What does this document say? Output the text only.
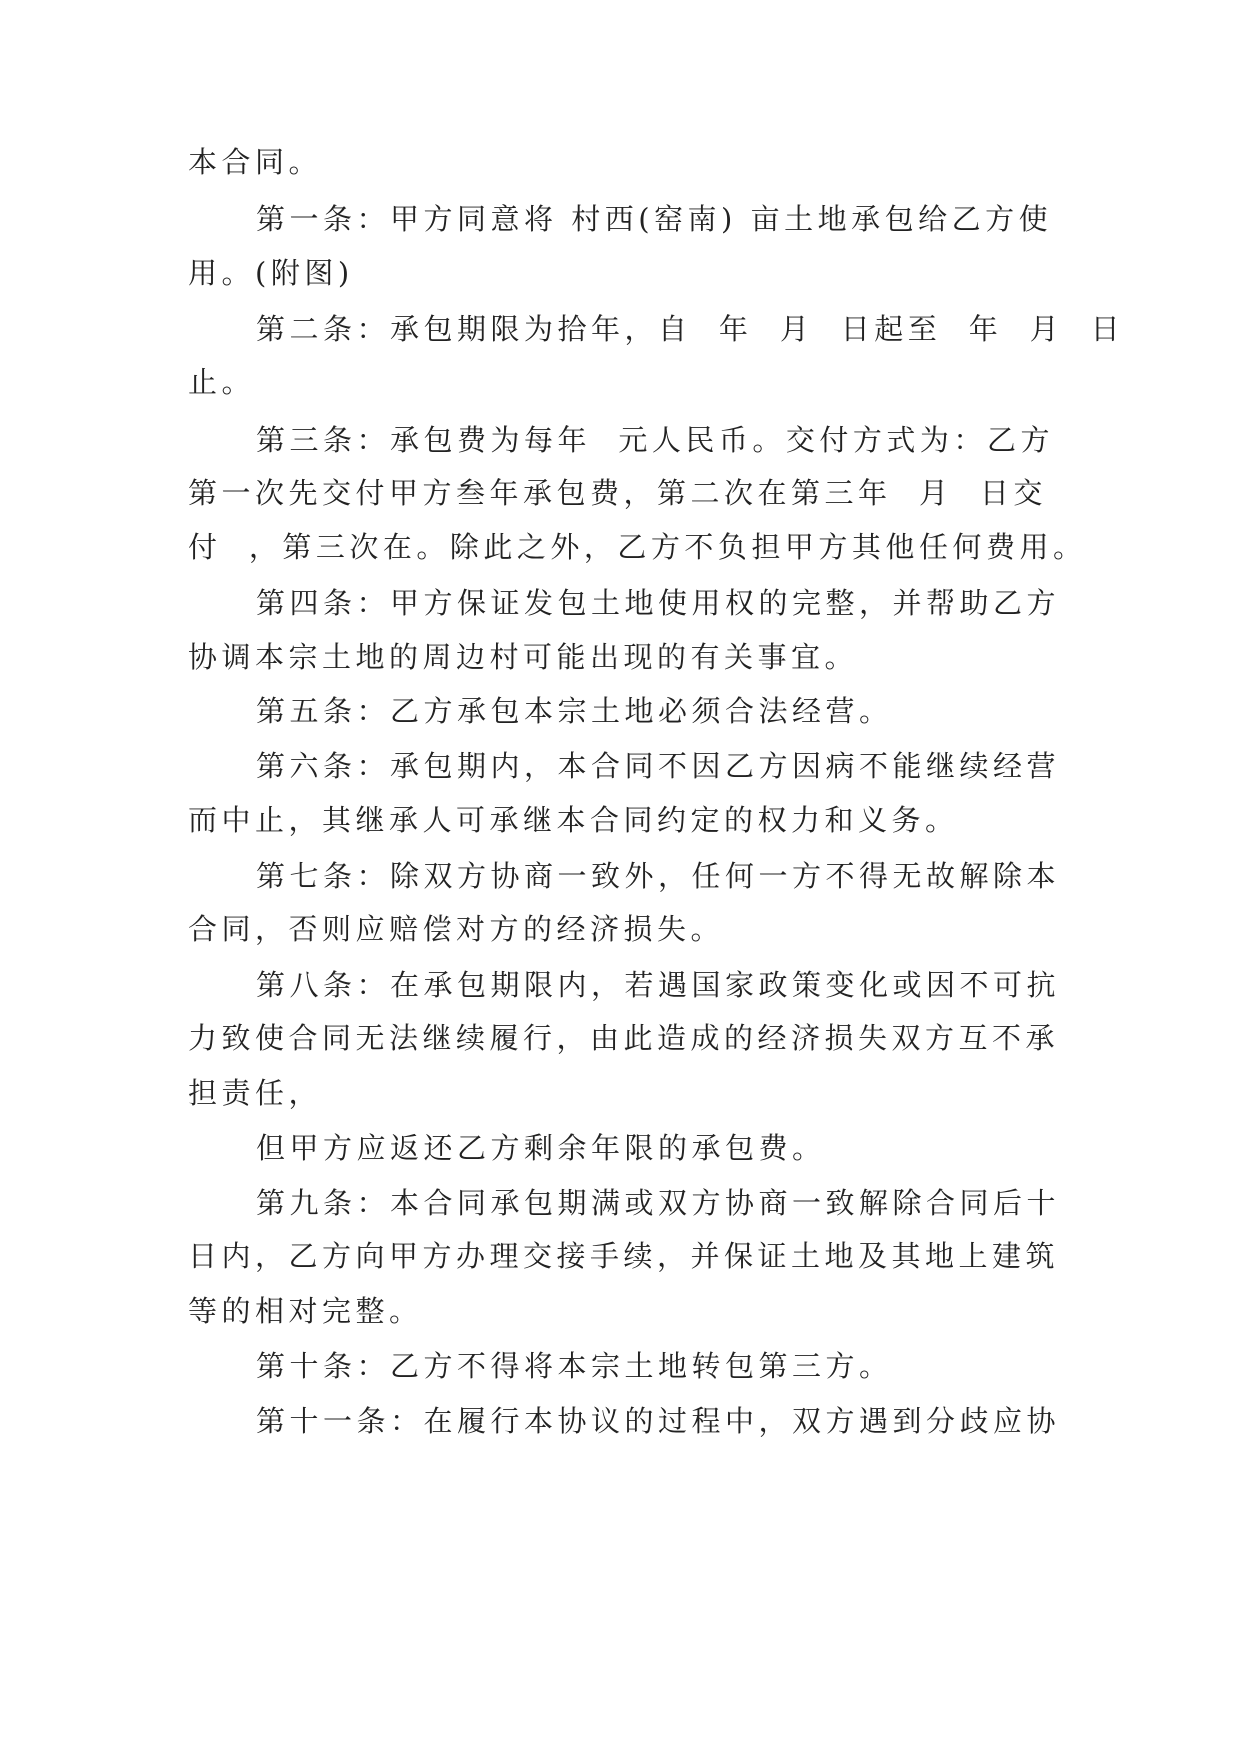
本合同。
第一条：甲方同意将 村西(窑南) 亩土地承包给乙方使
用。(附图)
第二条：承包期限为拾年，自  年  月  日起至  年  月  日
止。
第三条：承包费为每年  元人民币。交付方式为：乙方
第一次先交付甲方叁年承包费，第二次在第三年  月  日交
付  ，第三次在。除此之外，乙方不负担甲方其他任何费用。
第四条：甲方保证发包土地使用权的完整，并帮助乙方
协调本宗土地的周边村可能出现的有关事宜。
第五条：乙方承包本宗土地必须合法经营。
第六条：承包期内，本合同不因乙方因病不能继续经营
而中止，其继承人可承继本合同约定的权力和义务。
第七条：除双方协商一致外，任何一方不得无故解除本
合同，否则应赔偿对方的经济损失。
第八条：在承包期限内，若遇国家政策变化或因不可抗
力致使合同无法继续履行，由此造成的经济损失双方互不承
担责任，
但甲方应返还乙方剩余年限的承包费。
第九条：本合同承包期满或双方协商一致解除合同后十
日内，乙方向甲方办理交接手续，并保证土地及其地上建筑
等的相对完整。
第十条：乙方不得将本宗土地转包第三方。
第十一条：在履行本协议的过程中，双方遇到分歧应协
